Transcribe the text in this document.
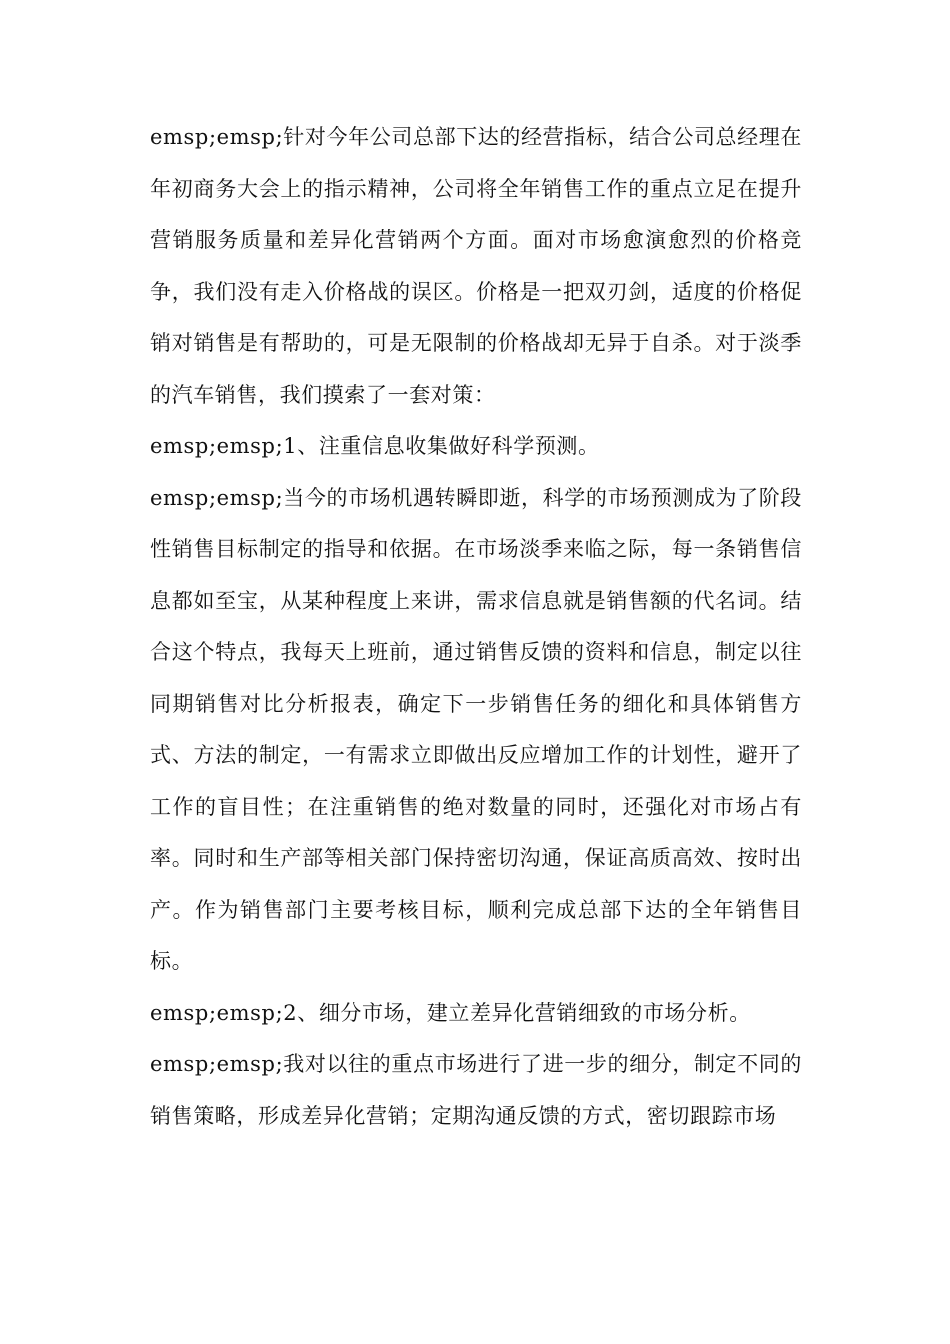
emsp;emsp;针对今年公司总部下达的经营指标，结合公司总经理在年初商务大会上的指示精神，公司将全年销售工作的重点立足在提升营销服务质量和差异化营销两个方面。面对市场愈演愈烈的价格竞争，我们没有走入价格战的误区。价格是一把双刃剑，适度的价格促销对销售是有帮助的，可是无限制的价格战却无异于自杀。对于淡季的汽车销售，我们摸索了一套对策：

emsp;emsp;1、注重信息收集做好科学预测。

emsp;emsp;当今的市场机遇转瞬即逝，科学的市场预测成为了阶段性销售目标制定的指导和依据。在市场淡季来临之际，每一条销售信息都如至宝，从某种程度上来讲，需求信息就是销售额的代名词。结合这个特点，我每天上班前，通过销售反馈的资料和信息，制定以往同期销售对比分析报表，确定下一步销售任务的细化和具体销售方式、方法的制定，一有需求立即做出反应增加工作的计划性，避开了工作的盲目性；在注重销售的绝对数量的同时，还强化对市场占有率。同时和生产部等相关部门保持密切沟通，保证高质高效、按时出产。作为销售部门主要考核目标，顺利完成总部下达的全年销售目标。

emsp;emsp;2、细分市场，建立差异化营销细致的市场分析。

emsp;emsp;我对以往的重点市场进行了进一步的细分，制定不同的销售策略，形成差异化营销；定期沟通反馈的方式，密切跟踪市场
